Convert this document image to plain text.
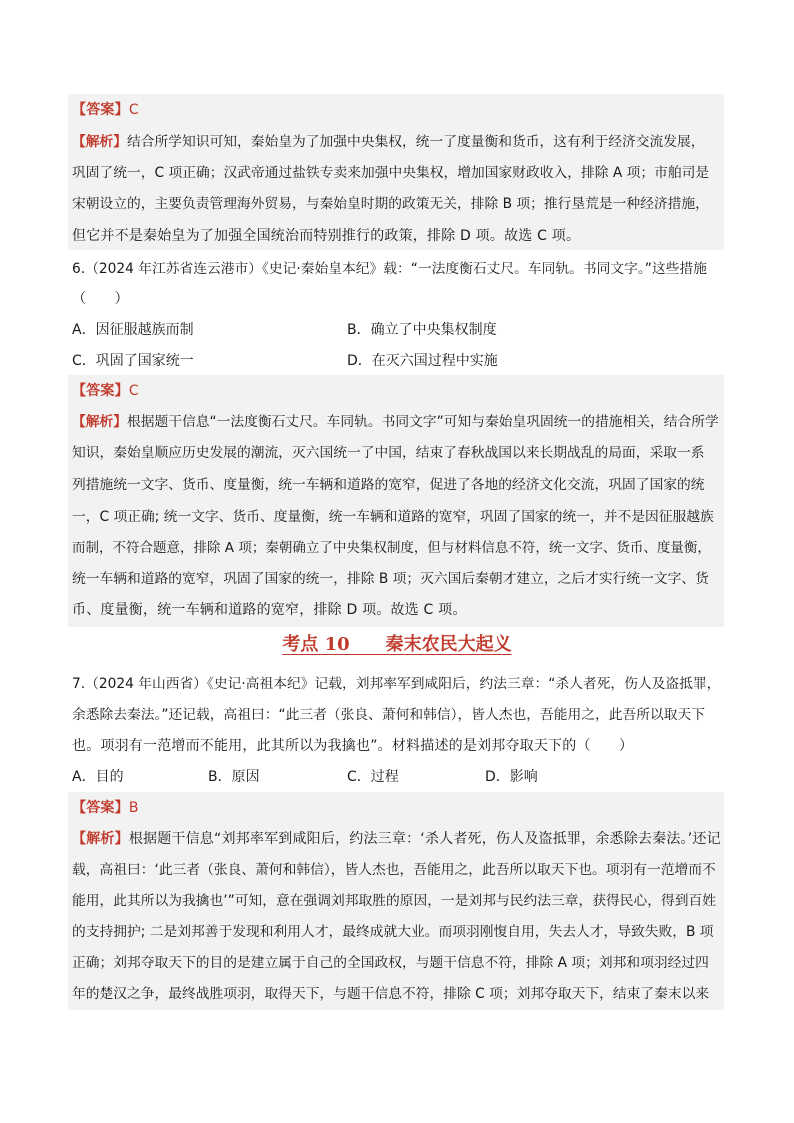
【答案】C
【解析】结合所学知识可知，秦始皇为了加强中央集权，统一了度量衡和货币，这有利于经济交流发展，
巩固了统一，C 项正确；汉武帝通过盐铁专卖来加强中央集权，增加国家财政收入，排除 A 项；市舶司是
宋朝设立的，主要负责管理海外贸易，与秦始皇时期的政策无关，排除 B 项；推行垦荒是一种经济措施，
但它并不是秦始皇为了加强全国统治而特别推行的政策，排除 D 项。故选 C 项。
6.（2024 年江苏省连云港市）《史记·秦始皇本纪》载：“一法度衡石丈尺。车同轨。书同文字。”这些措施
（　　）
A．因征服越族而制	B．确立了中央集权制度
C．巩固了国家统一	D．在灭六国过程中实施
【答案】C
【解析】根据题干信息“一法度衡石丈尺。车同轨。书同文字”可知与秦始皇巩固统一的措施相关，结合所学
知识，秦始皇顺应历史发展的潮流，灭六国统一了中国，结束了春秋战国以来长期战乱的局面，采取一系
列措施统一文字、货币、度量衡，统一车辆和道路的宽窄，促进了各地的经济文化交流，巩固了国家的统
一，C 项正确; 统一文字、货币、度量衡，统一车辆和道路的宽窄，巩固了国家的统一，并不是因征服越族
而制，不符合题意，排除 A 项；秦朝确立了中央集权制度，但与材料信息不符，统一文字、货币、度量衡，
统一车辆和道路的宽窄，巩固了国家的统一，排除 B 项；灭六国后秦朝才建立，之后才实行统一文字、货
币、度量衡，统一车辆和道路的宽窄，排除 D 项。故选 C 项。
考点 10　　秦末农民大起义
7.（2024 年山西省）《史记·高祖本纪》记载，刘邦率军到咸阳后，约法三章：“杀人者死，伤人及盗抵罪，
余悉除去秦法。”还记载，高祖曰：“此三者（张良、萧何和韩信），皆人杰也，吾能用之，此吾所以取天下
也。项羽有一范增而不能用，此其所以为我擒也”。材料描述的是刘邦夺取天下的（　　）
A．目的	B．原因	C．过程	D．影响
【答案】B
【解析】根据题干信息“刘邦率军到咸阳后，约法三章：‘杀人者死，伤人及盗抵罪，余悉除去秦法。’还记
载，高祖曰：‘此三者（张良、萧何和韩信），皆人杰也，吾能用之，此吾所以取天下也。项羽有一范增而不
能用，此其所以为我擒也’”可知，意在强调刘邦取胜的原因，一是刘邦与民约法三章，获得民心，得到百姓
的支持拥护; 二是刘邦善于发现和利用人才，最终成就大业。而项羽刚愎自用，失去人才，导致失败，B 项
正确；刘邦夺取天下的目的是建立属于自己的全国政权，与题干信息不符，排除 A 项；刘邦和项羽经过四
年的楚汉之争，最终战胜项羽，取得天下，与题干信息不符，排除 C 项；刘邦夺取天下，结束了秦末以来
